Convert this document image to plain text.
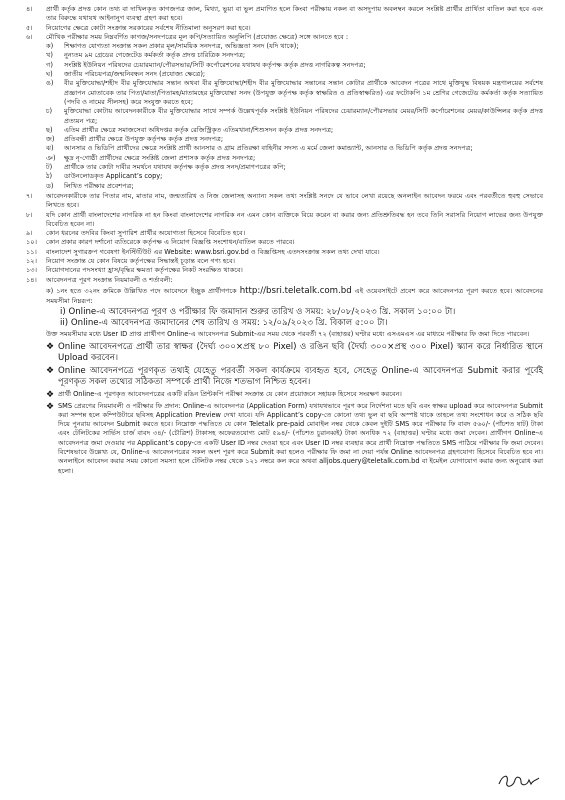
৪।	প্রার্থী কর্তৃক প্রদত্ত কোন তথ্য বা দাখিলকৃত কাগজপত্র জাল, মিথ্যা, ভুয়া বা ভুল প্রমাণিত হলে কিংবা পরীক্ষায় নকল বা অসদুপায় অবলম্বন করলে সংশ্লিষ্ট প্রার্থীর প্রার্থিতা বাতিল করা হবে এবং তার বিরুদ্ধে যথাযথ আইনানুগ ব্যবস্থা গ্রহণ করা হবে।
৫।	নিয়োগের ক্ষেত্রে কোটা সংক্রান্ত সরকারের সর্বশেষ নীতিমালা অনুসরণ করা হবে।
৬।	মৌখিক পরীক্ষার সময় নিম্নবর্ণিত কাগজ/সনদপত্রের মূল কপি/সত্যায়িত অনুলিপি (প্রযোজ্য ক্ষেত্রে) সঙ্গে আনতে হবে :
ক)	শিক্ষাগত যোগ্যতা সংক্রান্ত সকল প্রকার মূল/সাময়িক সনদপত্র, অভিজ্ঞতা সনদ (যদি থাকে);
খ)	নুন্যতম ৯ম গ্রেডের গেজেটেড কর্মকর্তা কর্তৃক প্রদত্ত চারিত্রিক সনদপত্র;
গ)	সংশ্লিষ্ট ইউনিয়ন পরিষদের চেয়ারম্যান/পৌরসভার/সিটি কর্পোরেশনের যথাযথ কর্তৃপক্ষ কর্তৃক প্রদত্ত নাগরিকত্ব সনদপত্র;
ঘ)	জাতীয় পরিচয়পত্র/জন্মনিবন্ধন সনদ (প্রযোজ্য ক্ষেত্রে);
ঙ)	বীর মুক্তিযোদ্ধা/শহীদ বীর মুক্তিযোদ্ধার সন্তান অথবা বীর মুক্তিযোদ্ধা/শহীদ বীর মুক্তিযোদ্ধার সন্তানের সন্তান কোটার প্রার্থীকে আবেদন পত্রের সাথে মুক্তিযুদ্ধ বিষয়ক মন্ত্রণালয়ের সর্বশেষ প্রজ্ঞাপন মোতাবেক তার পিতা/মাতা/পিতামহ/মাতামহের মুক্তিযোদ্ধা সনদ (উপযুক্ত কর্তৃপক্ষ কর্তৃক স্বাক্ষরিত ও প্রতিস্বাক্ষরিত) এর ফটোকপি ১ম শ্রেণির গেজেটেড কর্মকর্তা কর্তৃক সত্যায়িত (পদবি ও নামের সীলসহ) করে সংযুক্ত করতে হবে;
চ)	মুক্তিযোদ্ধা কোটায় আবেদনকারীকে বীর মুক্তিযোদ্ধার সাথে সম্পর্ক উল্লেখপূর্বক সংশ্লিষ্ট ইউনিয়ন পরিষদের চেয়ারম্যান/পৌরসভার মেয়র/সিটি কর্পোরেশনের মেয়র/কাউন্সিলর কর্তৃক প্রদত্ত প্রত্যয়ন পত্র;
ছ)	এতিম প্রার্থীর ক্ষেত্রে সমাজসেবা অধিদপ্তর কর্তৃক রেজিস্ট্রিকৃত এতিমখানা/শিশুসদন কর্তৃক প্রদত্ত সনদপত্র;
জ)	প্রতিবন্ধী প্রার্থীর ক্ষেত্রে উপযুক্ত কর্তৃপক্ষ কর্তৃক প্রদত্ত সনদপত্র;
ঝ)	আনসার ও ভিডিপি প্রার্থীদের ক্ষেত্রে সংশ্লিষ্ট প্রার্থী আনসার ও গ্রাম প্রতিরক্ষা বাহিনীর সদস্য এ মর্মে জেলা কমান্ড্যান্ট, আনসার ও ভিডিপি কর্তৃক প্রদত্ত সনদপত্র;
ঞ)	ক্ষুদ্র নৃ-গোষ্ঠী প্রার্থীদের ক্ষেত্রে সংশ্লিষ্ট জেলা প্রশাসক কর্তৃক প্রদত্ত সনদপত্র;
ট)	প্রার্থীকে তার কোটা দাবীর সমর্থনে যথাযথ কর্তৃপক্ষ কর্তৃক প্রদত্ত সনদ/প্রমাণপত্রের কপি;
ঠ)	ডাউনলোডকৃত Applicant’s copy;
ড)	লিখিত পরীক্ষার প্রবেশপত্র;
৭।	আবেদনকারীকে তার পিতার নাম, মাতার নাম, জন্মতারিখ ও নিজ জেলাসহ অন্যান্য সকল তথ্য সংশ্লিষ্ট সনদে যে ভাবে লেখা রয়েছে অনলাইন আবেদন ফরমে এবং পরবর্তীতে হুবহু সেভাবে লিখতে হবে।
৮।	যদি কোন প্রার্থী বাংলাদেশের নাগরিক না হন কিংবা বাংলাদেশের নাগরিক নন এমন কোন ব্যক্তিকে বিয়ে করেন বা করার জন্য প্রতিশ্রুতিবদ্ধ হন তবে তিনি সরাসরি নিয়োগ লাভের জন্য উপযুক্ত বিবেচিত হবেন না।
৯।	কোন ধরনের তদবির কিংবা সুপারিশ প্রার্থীর অযোগ্যতা হিসেবে বিবেচিত হবে।
১০।	কোন প্রকার কারণ দর্শানো ব্যতিরেকে কর্তৃপক্ষ এ নিয়োগ বিজ্ঞপ্তি সংশোধন/বাতিল করতে পারবে।
১১।	বাংলাদেশ সুগারক্রপ গবেষণা ইনস্টিটিউট এর Website: www.bsri.gov.bd ও বিজ্ঞপ্তিসহ এতদসংক্রান্ত সকল তথ্য দেখা যাবে।
১২।	নিয়োগ সংক্রান্ত যে কোন বিষয়ে কর্তৃপক্ষের সিদ্ধান্তই চূড়ান্ত বলে গণ্য হবে।
১৩।	নিয়োগদানের পদসংখ্যা হ্রাস/বৃদ্ধির ক্ষমতা কর্তৃপক্ষের নিকট সংরক্ষিত থাকবে।
১৪।	আবেদনপত্র পূরণ সংক্রান্ত নিয়মাবলী ও শর্তাবলী:
ক) ১নং হতে ৩২নং ক্রমিকে উল্লিখিত পদে আবেদনে ইচ্ছুক প্রার্থীগণকে http://bsri.teletalk.com.bd এই ওয়েবসাইটে প্রবেশ করে আবেদনপত্র পূরণ করতে হবে। আবেদনের সময়সীমা নিম্নরূপ:
i) Online-এ আবেদনপত্র পূরণ ও পরীক্ষার ফি জমাদান শুরুর তারিখ ও সময়: ২৮/০৮/২০২৩ খ্রি. সকাল ১০:০০ টা।
ii) Online-এ আবেদনপত্র জমাদানের শেষ তারিখ ও সময়: ১২/০৯/২০২৩ খ্রি. বিকাল ৫:০০ টা।
উক্ত সময়সীমার মধ্যে User ID প্রাপ্ত প্রার্থীগণ Online-এ আবেদনপত্র Submit-এর সময় থেকে পরবর্তী ৭২ (বাহাত্তর) ঘণ্টার মধ্যে এসএমএস এর মাধ্যমে পরীক্ষার ফি জমা দিতে পারবেন।
❖ Online আবেদনপত্রে প্রার্থী তার স্বাক্ষর (দৈর্ঘ্য ৩০০×প্রস্থ ৮০ Pixel) ও রঙিন ছবি (দৈর্ঘ্য ৩০০×প্রস্থ ৩০০ Pixel) স্ক্যান করে নির্ধারিত স্থানে Upload করবেন।
❖ Online আবেদনপত্রে পূরণকৃত তথ্যই যেহেতু পরবর্তী সকল কার্যক্রমে ব্যবহৃত হবে, সেহেতু Online-এ আবেদনপত্র Submit করার পূর্বেই পূরণকৃত সকল তথ্যের সঠিকতা সম্পর্কে প্রার্থী নিজে শতভাগ নিশ্চিত হবেন।
❖ প্রার্থী Online-এ পূরণকৃত আবেদনপত্রের একটি রঙিন প্রিন্টকপি পরীক্ষা সংক্রান্ত যে কোন প্রয়োজনে সহায়ক হিসেবে সংরক্ষণ করবেন।
❖ SMS প্রেরণের নিয়মাবলী ও পরীক্ষার ফি প্রদান: Online-এ আবেদনপত্র (Application Form) যথাযথভাবে পূরণ করে নির্দেশনা মতে ছবি এবং স্বাক্ষর upload করে আবেদনপত্র Submit করা সম্পন্ন হলে কম্পিউটারে ছবিসহ Application Preview দেখা যাবে। যদি Applicant’s copy-তে কোনো তথ্য ভুল বা ছবি অস্পষ্ট থাকে তাহলে তথ্য সংশোধন করে ও সঠিক ছবি দিয়ে পুনরায় আবেদন Submit করতে হবে। নিম্নোক্ত পদ্ধতিতে যে কোন Teletalk pre-paid মোবাইল নম্বর থেকে কেবল দুইটি SMS করে পরীক্ষার ফি বাবদ ৫৬০/- (পাঁচশত ষাট) টাকা এবং টেলিটকের সার্ভিস চার্জ বাবদ ৩৪/- (চৌত্রিশ) টাকাসহ অফেরতযোগ্য মোট ৫৯৪/- (পাঁচশত চুরানব্বই) টাকা অনধিক ৭২ (বাহাত্তর) ঘণ্টার মধ্যে জমা দেবেন। প্রার্থীগণ Online-এ আবেদনপত্র জমা দেওয়ার পর Applicant’s copy-তে একটি User ID নম্বর দেওয়া হবে এবং User ID নম্বর ব্যবহার করে প্রার্থী নিম্নোক্ত পদ্ধতিতে SMS পাঠিয়ে পরীক্ষার ফি জমা দেবেন। বিশেষভাবে উল্লেখ্য যে, Online-এ আবেদনপত্রের সকল অংশ পূরণ করে Submit করা হলেও পরীক্ষার ফি জমা না দেয়া পর্যন্ত Online আবেদনপত্র গ্রহণযোগ্য হিসেবে বিবেচিত হবে না। অনলাইনে আবেদন করার সময় কোনো সমস্যা হলে টেলিটক নম্বর থেকে ১২১ নম্বরে কল করে অথবা alljobs.query@teletalk.com.bd বা ইমেইল যোগাযোগ করার জন্য অনুরোধ করা হলো।
